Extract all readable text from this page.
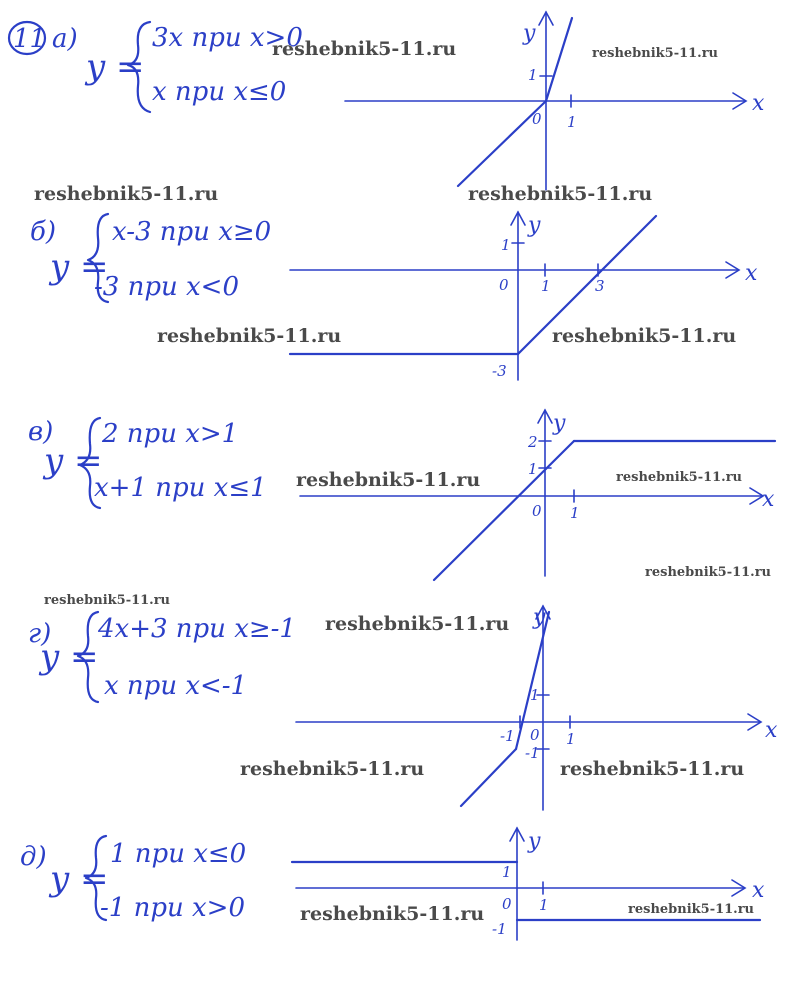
11 а)
y =
3x при x>0
x при x≤0	x
y
1
1
0
б)
y =
x-3 при x≥0
-3 при x<0	x
y
1	3
1
0
-3
в)
y =
2 при x>1
x+1 при x≤1	x
y
1
1
2
0
г)
y =
4x+3 при x≥-1
x при x<-1
x
y
1
-1
1
-1
0
д)
y =
1 при x≤0
-1 при x>0
x
y
1
1
0
-1
reshebnik5-11.ru	reshebnik5-11.ru
reshebnik5-11.ru	reshebnik5-11.ru
reshebnik5-11.ru	reshebnik5-11.ru
reshebnik5-11.ru	reshebnik5-11.ru
reshebnik5-11.ru
reshebnik5-11.ru
reshebnik5-11.ru
reshebnik5-11.ru	reshebnik5-11.ru
reshebnik5-11.ru	reshebnik5-11.ru
